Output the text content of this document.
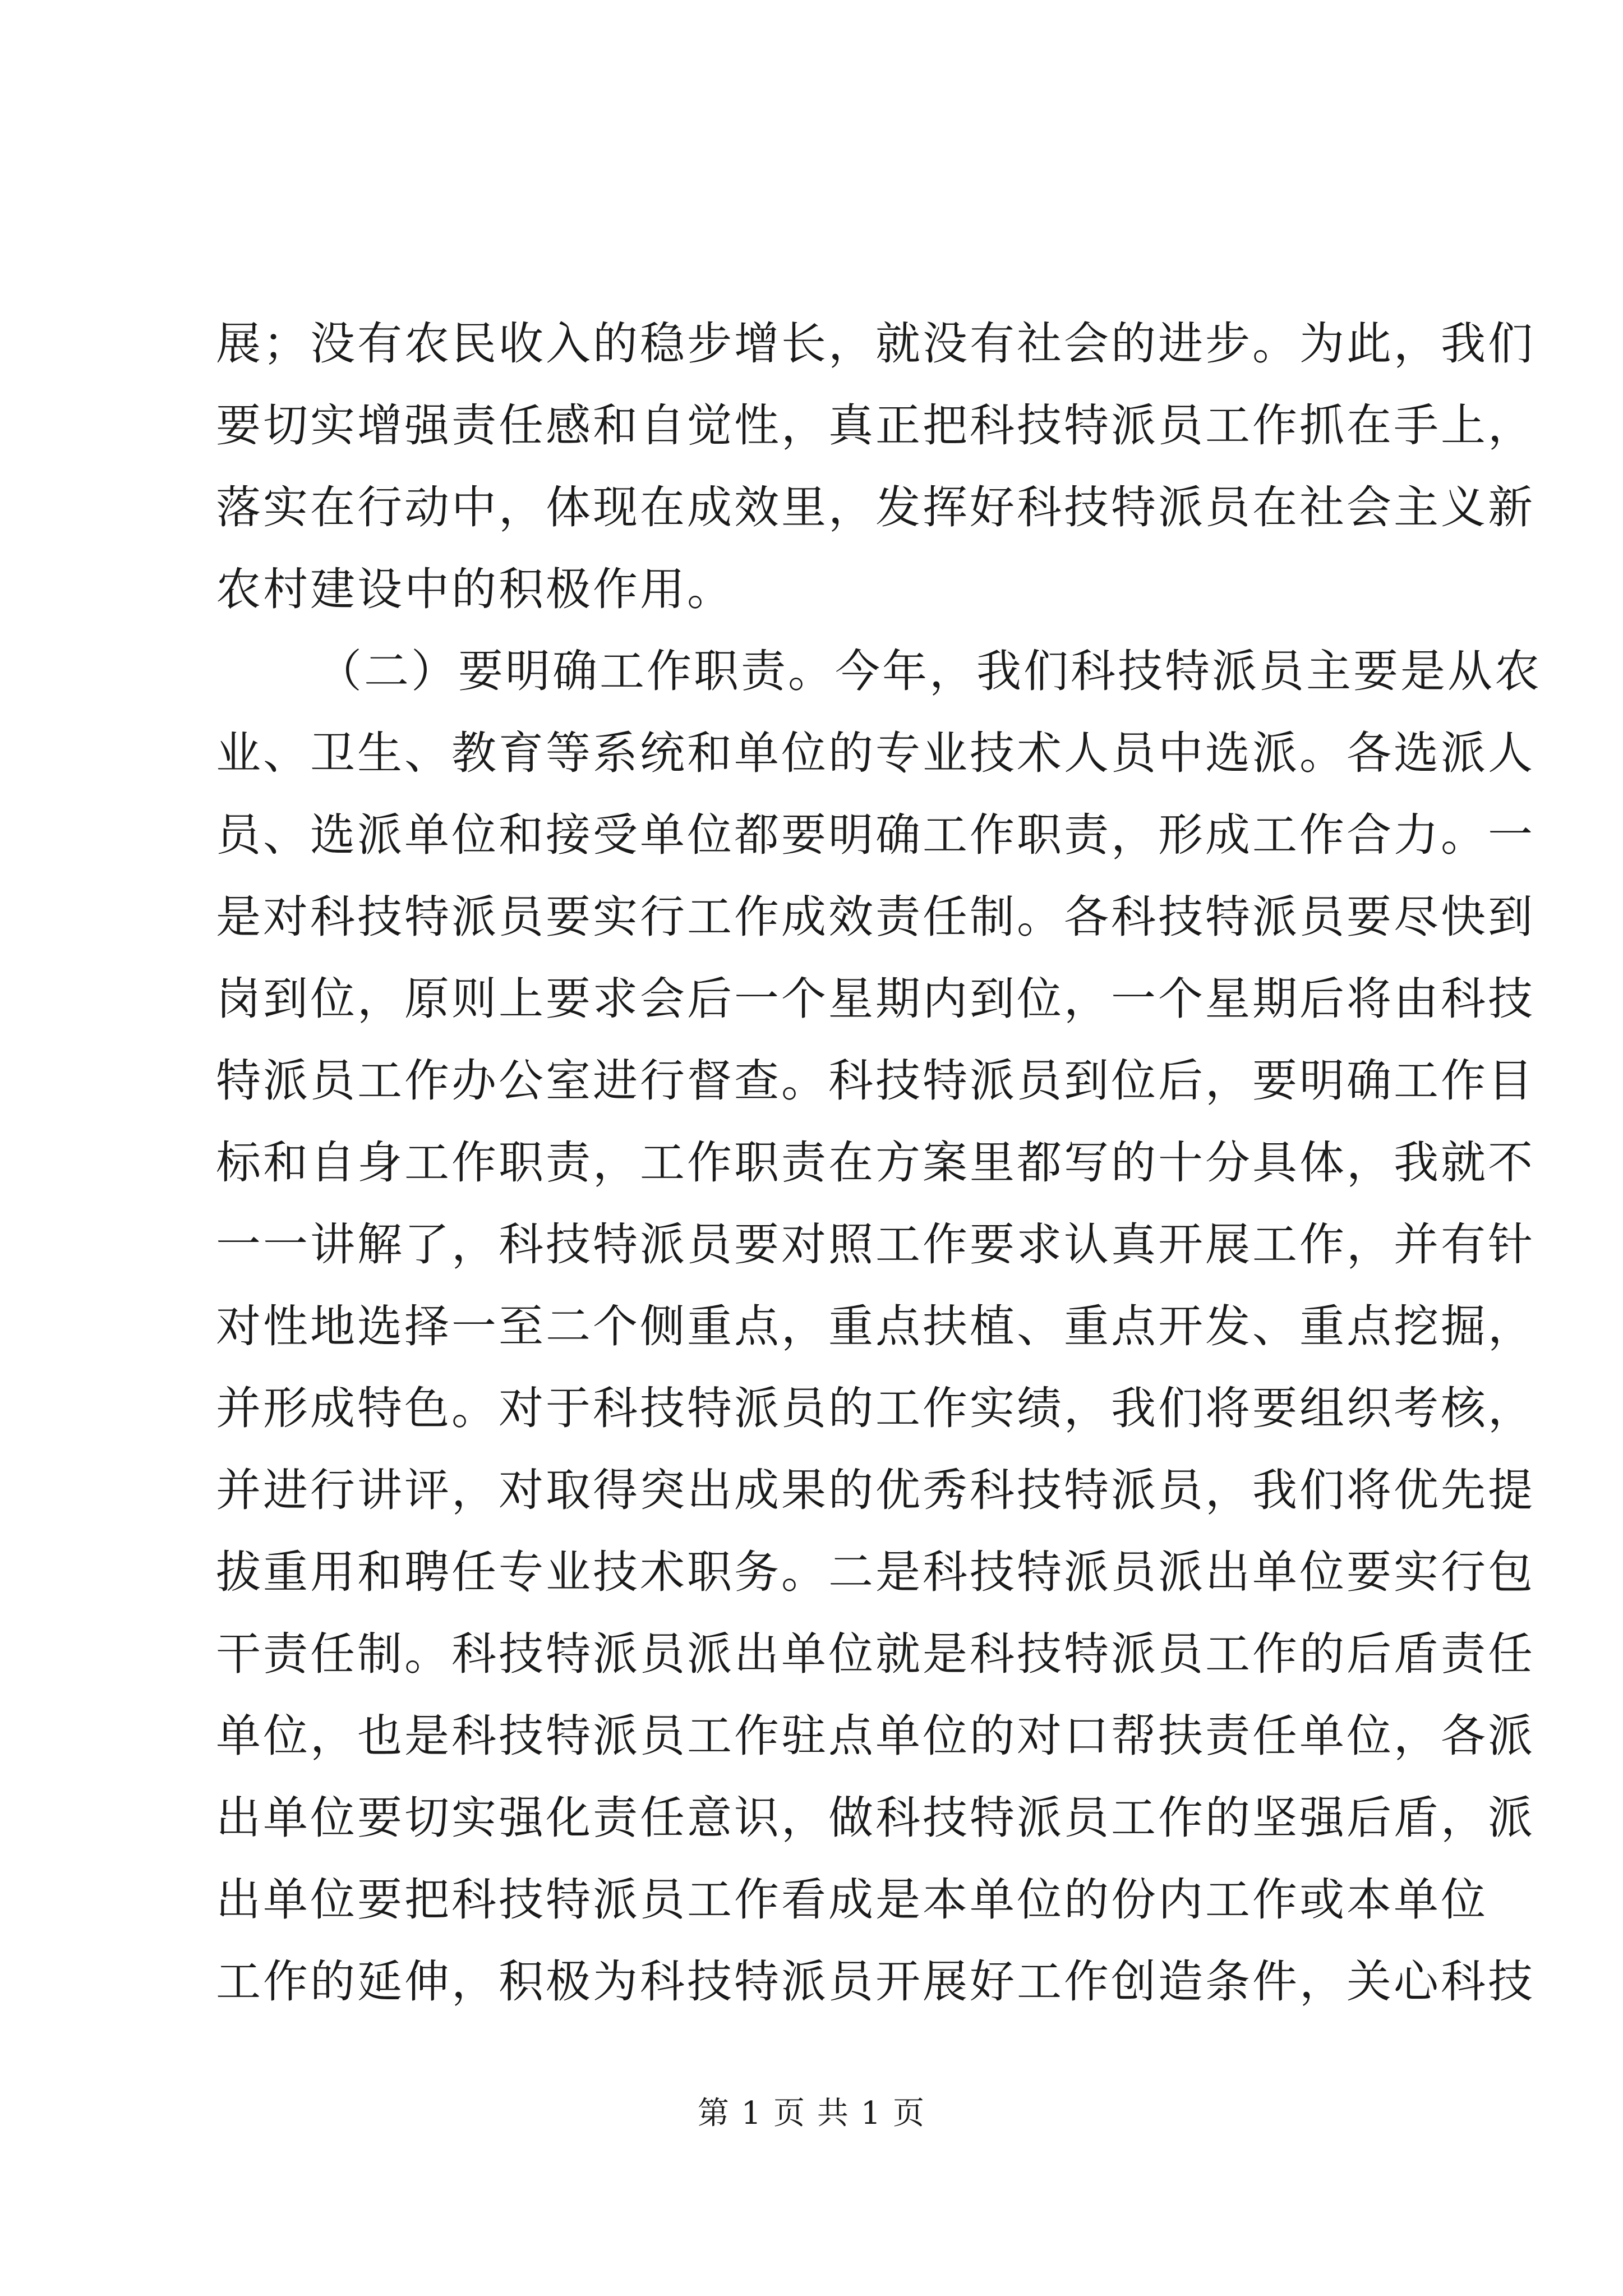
展；没有农民收入的稳步增长，就没有社会的进步。为此，我们
要切实增强责任感和自觉性，真正把科技特派员工作抓在手上，
落实在行动中，体现在成效里，发挥好科技特派员在社会主义新
农村建设中的积极作用。
（二）要明确工作职责。今年，我们科技特派员主要是从农
业、卫生、教育等系统和单位的专业技术人员中选派。各选派人
员、选派单位和接受单位都要明确工作职责，形成工作合力。一
是对科技特派员要实行工作成效责任制。各科技特派员要尽快到
岗到位，原则上要求会后一个星期内到位，一个星期后将由科技
特派员工作办公室进行督查。科技特派员到位后，要明确工作目
标和自身工作职责，工作职责在方案里都写的十分具体，我就不
一一讲解了，科技特派员要对照工作要求认真开展工作，并有针
对性地选择一至二个侧重点，重点扶植、重点开发、重点挖掘，
并形成特色。对于科技特派员的工作实绩，我们将要组织考核，
并进行讲评，对取得突出成果的优秀科技特派员，我们将优先提
拔重用和聘任专业技术职务。二是科技特派员派出单位要实行包
干责任制。科技特派员派出单位就是科技特派员工作的后盾责任
单位，也是科技特派员工作驻点单位的对口帮扶责任单位，各派
出单位要切实强化责任意识，做科技特派员工作的坚强后盾，派
出单位要把科技特派员工作看成是本单位的份内工作或本单位
工作的延伸，积极为科技特派员开展好工作创造条件，关心科技
第 1 页 共 1 页
